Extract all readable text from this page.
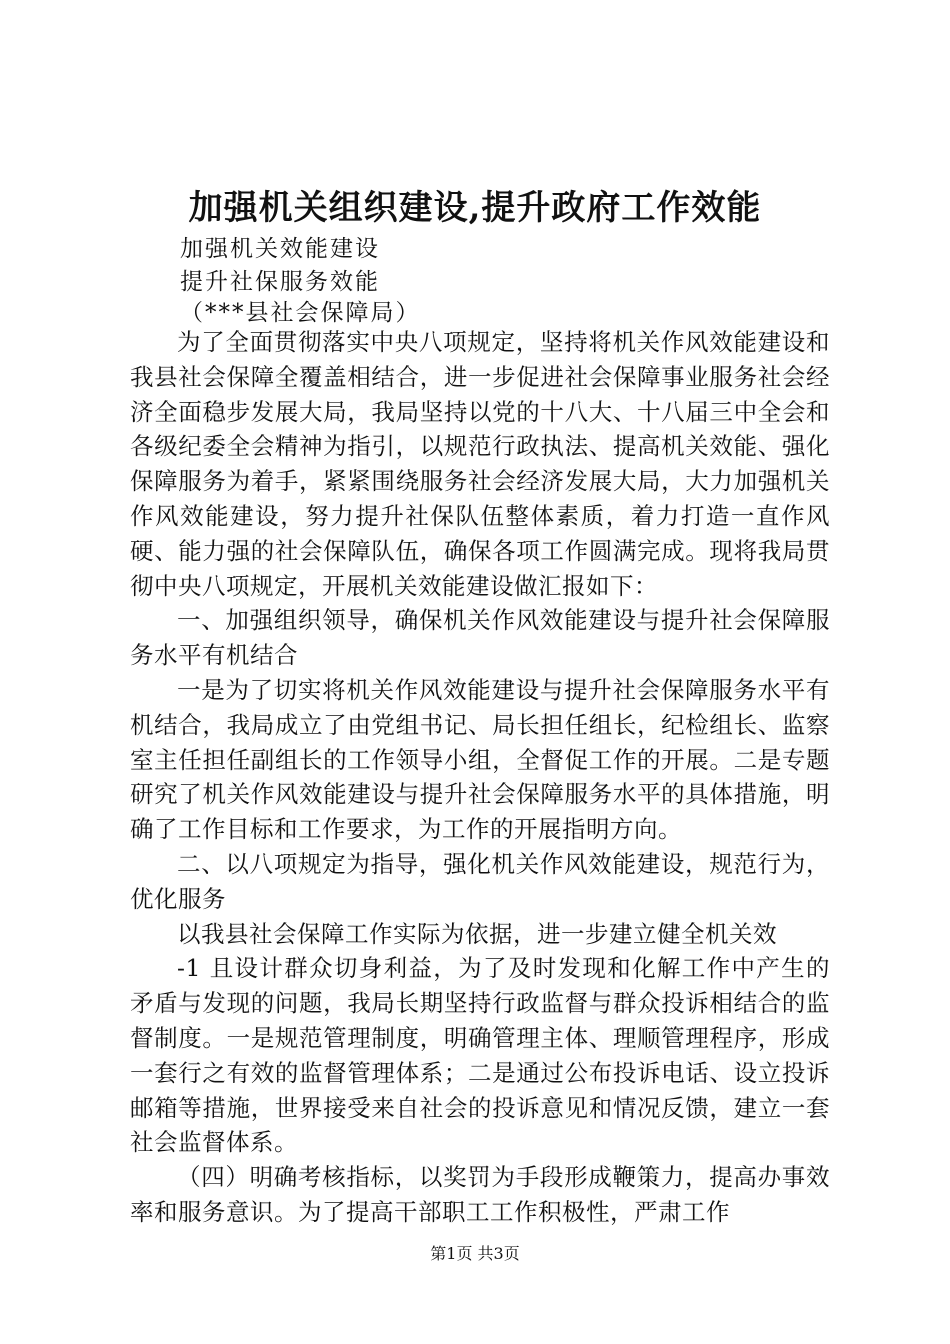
加强机关组织建设,提升政府工作效能
加强机关效能建设
提升社保服务效能
（***县社会保障局）

为了全面贯彻落实中央八项规定，坚持将机关作风效能建设和我县社会保障全覆盖相结合，进一步促进社会保障事业服务社会经济全面稳步发展大局，我局坚持以党的十八大、十八届三中全会和各级纪委全会精神为指引，以规范行政执法、提高机关效能、强化保障服务为着手，紧紧围绕服务社会经济发展大局，大力加强机关作风效能建设，努力提升社保队伍整体素质，着力打造一直作风硬、能力强的社会保障队伍，确保各项工作圆满完成。现将我局贯彻中央八项规定，开展机关效能建设做汇报如下：

一、加强组织领导，确保机关作风效能建设与提升社会保障服务水平有机结合

一是为了切实将机关作风效能建设与提升社会保障服务水平有机结合，我局成立了由党组书记、局长担任组长，纪检组长、监察室主任担任副组长的工作领导小组，全督促工作的开展。二是专题研究了机关作风效能建设与提升社会保障服务水平的具体措施，明确了工作目标和工作要求，为工作的开展指明方向。

二、以八项规定为指导，强化机关作风效能建设，规范行为，优化服务

以我县社会保障工作实际为依据，进一步建立健全机关效

-1 且设计群众切身利益，为了及时发现和化解工作中产生的矛盾与发现的问题，我局长期坚持行政监督与群众投诉相结合的监督制度。一是规范管理制度，明确管理主体、理顺管理程序，形成一套行之有效的监督管理体系；二是通过公布投诉电话、设立投诉邮箱等措施，世界接受来自社会的投诉意见和情况反馈，建立一套社会监督体系。

（四）明确考核指标，以奖罚为手段形成鞭策力，提高办事效率和服务意识。为了提高干部职工工作积极性，严肃工作

第1页 共3页
